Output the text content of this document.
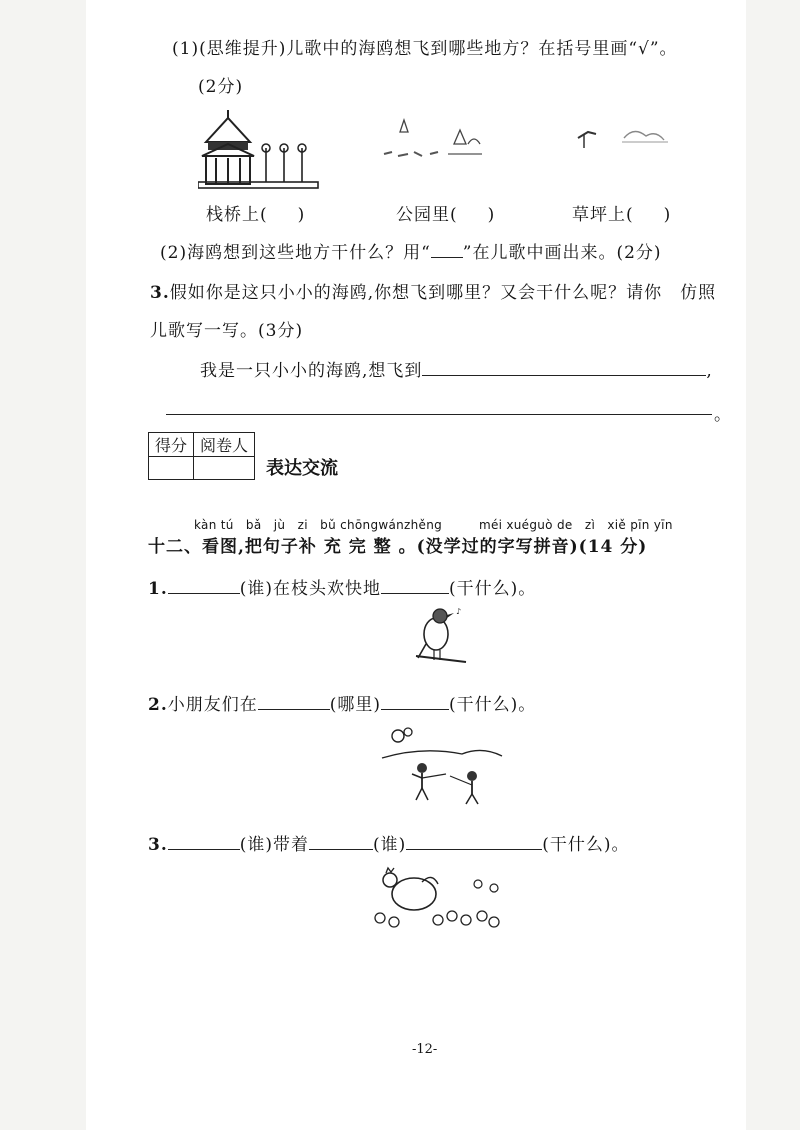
(1)(思维提升)儿歌中的海鸥想飞到哪些地方？在括号里画“√”。
(2分)
栈桥上( )	公园里( )	草坪上( )
(2)海鸥想到这些地方干什么？用“ ”在儿歌中画出来。(2分)
3.假如你是这只小小的海鸥,你想飞到哪里？又会干什么呢？请你　仿照
儿歌写一写。(3分)
我是一只小小的海鸥,想飞到	,
。
得分	阅卷人

表达交流
kàn tú　bǎ　jù　zi　bǔ chōngwánzhěng　　　méi xuéguò de　zì　xiě pīn yīn
十二、看图,把句子补 充 完 整 。(没学过的字写拼音)(14 分)
1.	(谁)在枝头欢快地	(干什么)。
♪
2.小朋友们在	(哪里)	(干什么)。
3.	(谁)带着	(谁)	(干什么)。
-12-
